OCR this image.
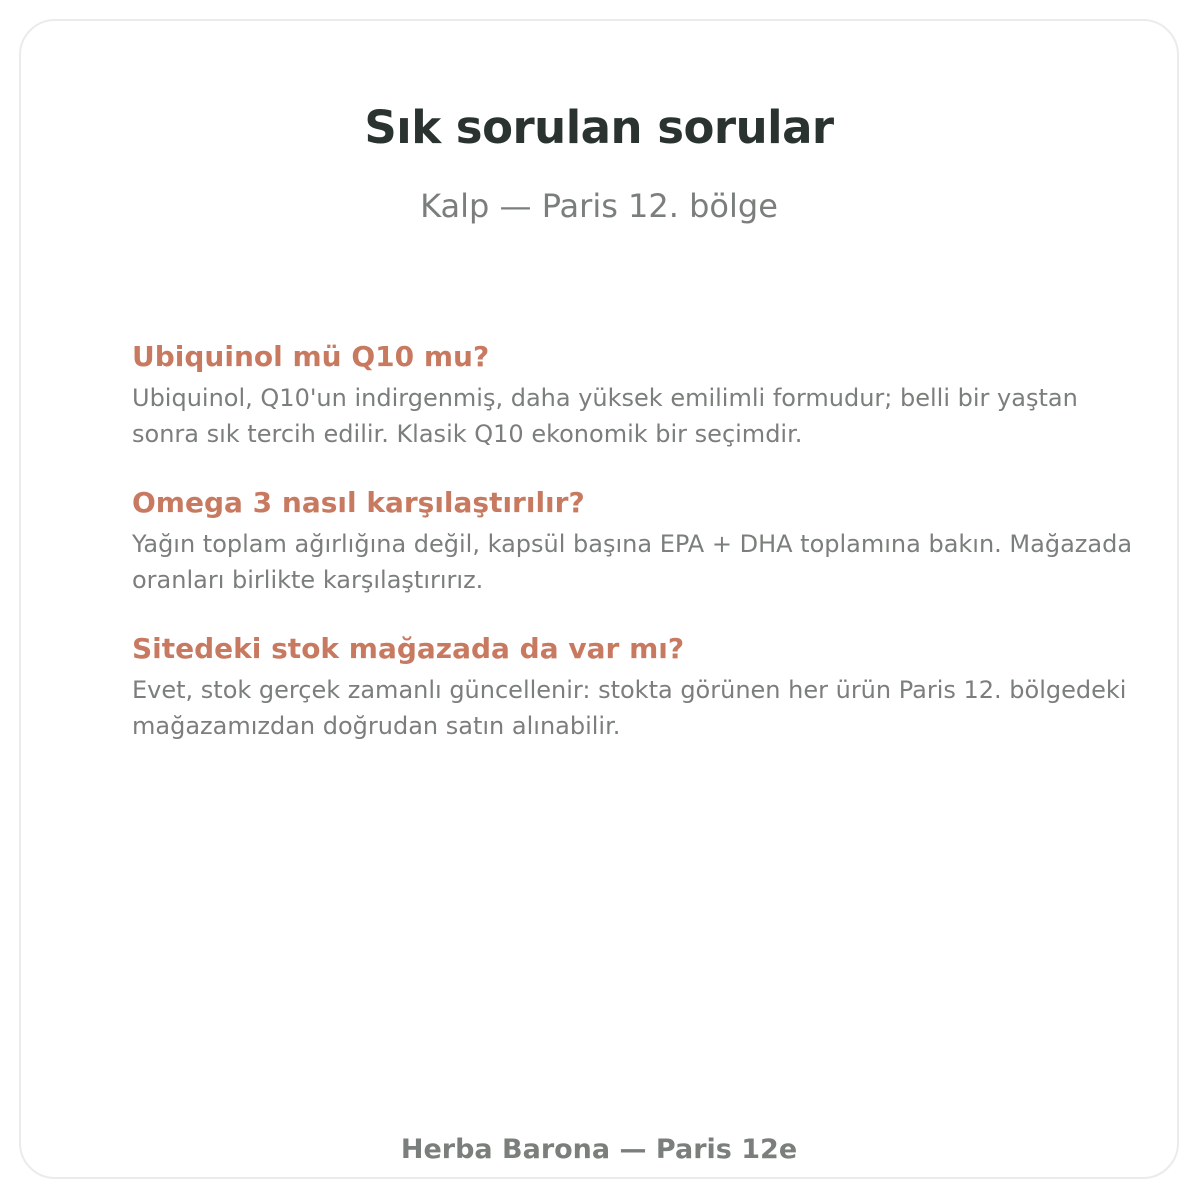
Sık sorulan sorular

Kalp — Paris 12. bölge

Ubiquinol mü Q10 mu?

Ubiquinol, Q10'un indirgenmiş, daha yüksek emilimli formudur; belli bir yaştan sonra sık tercih edilir. Klasik Q10 ekonomik bir seçimdir.

Omega 3 nasıl karşılaştırılır?

Yağın toplam ağırlığına değil, kapsül başına EPA + DHA toplamına bakın. Mağazada oranları birlikte karşılaştırırız.

Sitedeki stok mağazada da var mı?

Evet, stok gerçek zamanlı güncellenir: stokta görünen her ürün Paris 12. bölgedeki mağazamızdan doğrudan satın alınabilir.

Herba Barona — Paris 12e
